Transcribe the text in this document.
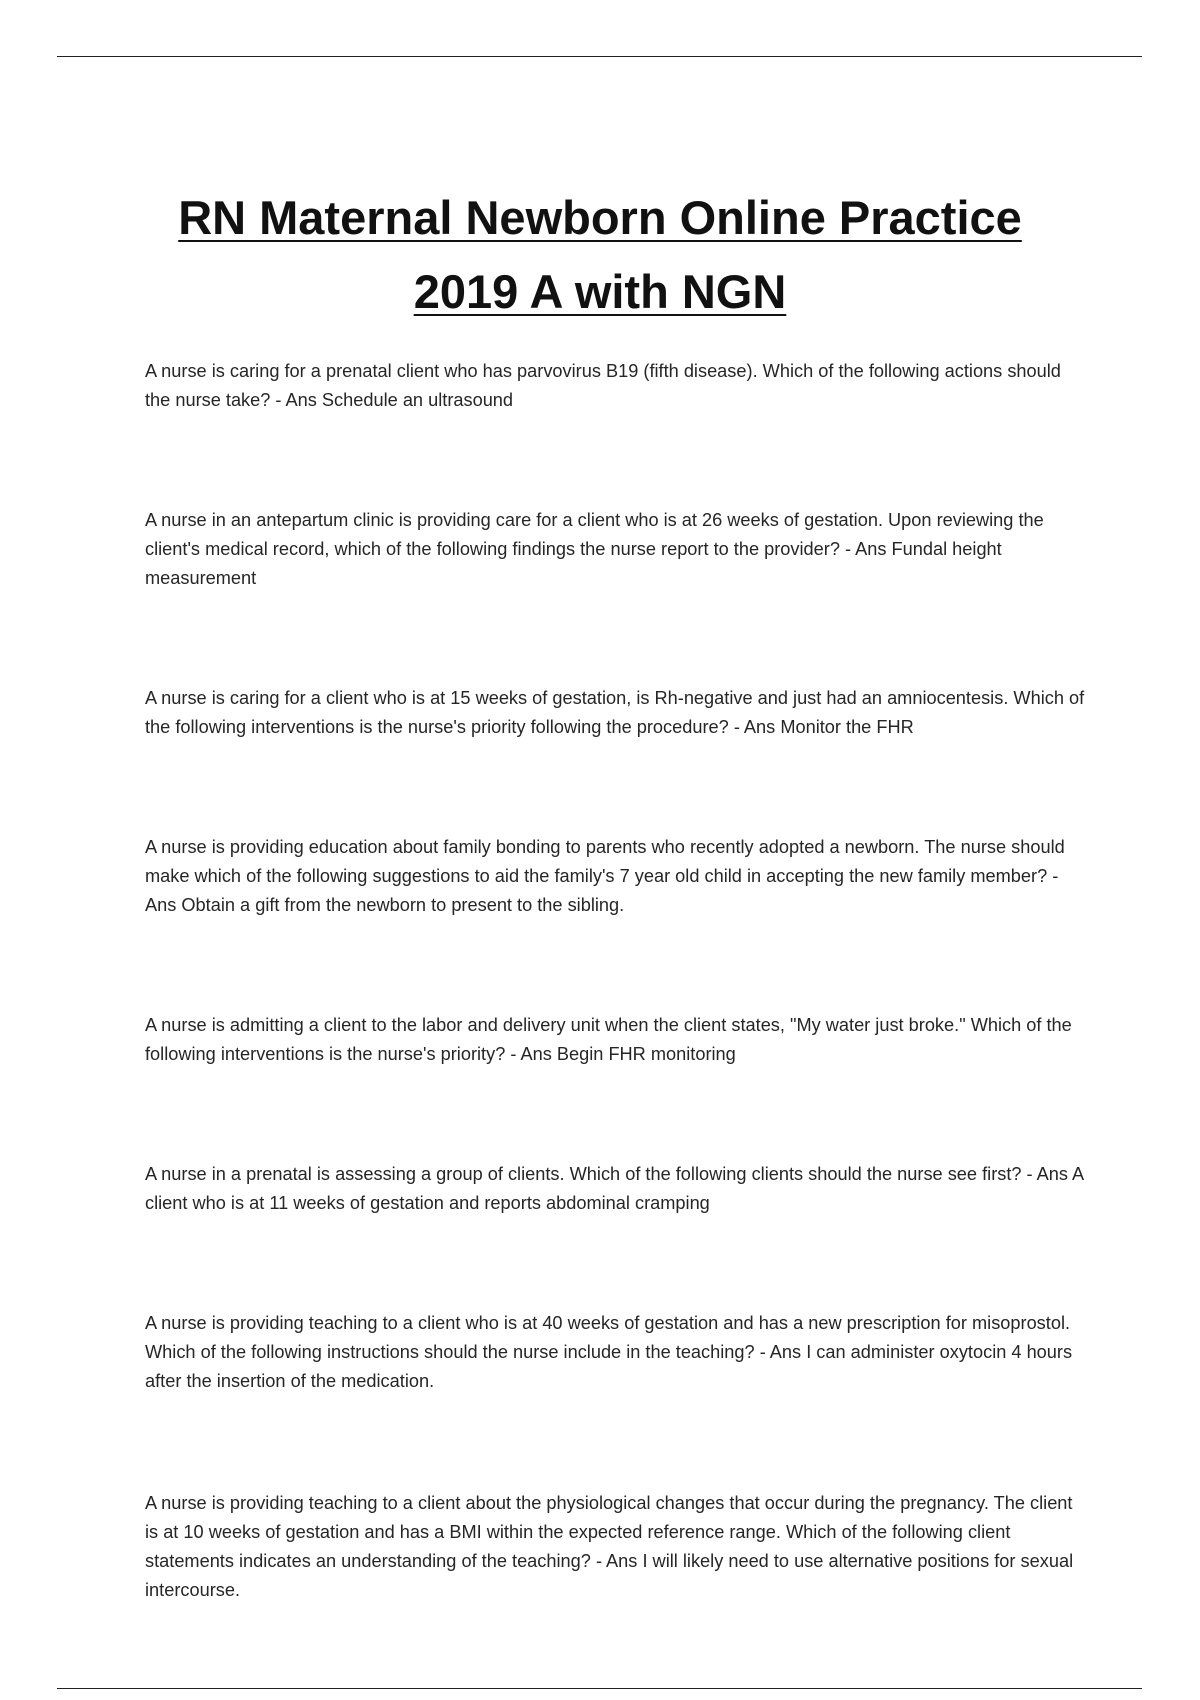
RN Maternal Newborn Online Practice
2019 A with NGN
A nurse is caring for a prenatal client who has parvovirus B19 (fifth disease). Which of the following actions should the nurse take? - Ans Schedule an ultrasound
A nurse in an antepartum clinic is providing care for a client who is at 26 weeks of gestation. Upon reviewing the client's medical record, which of the following findings the nurse report to the provider? - Ans Fundal height measurement
A nurse is caring for a client who is at 15 weeks of gestation, is Rh-negative and just had an amniocentesis. Which of the following interventions is the nurse's priority following the procedure? - Ans Monitor the FHR
A nurse is providing education about family bonding to parents who recently adopted a newborn. The nurse should make which of the following suggestions to aid the family's 7 year old child in accepting the new family member? - Ans Obtain a gift from the newborn to present to the sibling.
A nurse is admitting a client to the labor and delivery unit when the client states, "My water just broke." Which of the following interventions is the nurse's priority? - Ans Begin FHR monitoring
A nurse in a prenatal is assessing a group of clients. Which of the following clients should the nurse see first? - Ans A client who is at 11 weeks of gestation and reports abdominal cramping
A nurse is providing teaching to a client who is at 40 weeks of gestation and has a new prescription for misoprostol. Which of the following instructions should the nurse include in the teaching? - Ans I can administer oxytocin 4 hours after the insertion of the medication.
A nurse is providing teaching to a client about the physiological changes that occur during the pregnancy. The client is at 10 weeks of gestation and has a BMI within the expected reference range. Which of the following client statements indicates an understanding of the teaching? - Ans I will likely need to use alternative positions for sexual intercourse.
